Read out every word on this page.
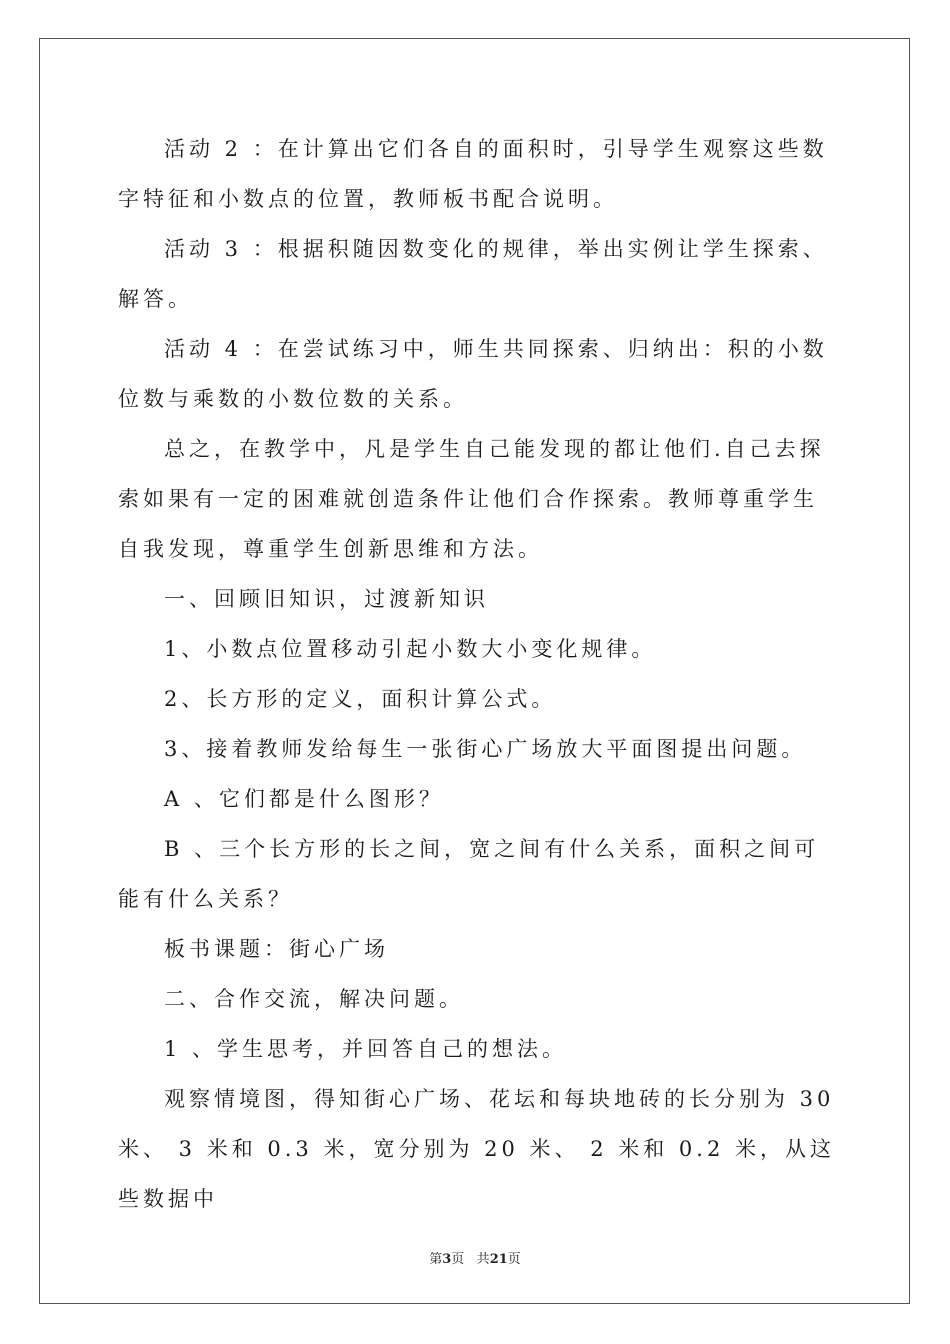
活动 2 ：在计算出它们各自的面积时，引导学生观察这些数字特征和小数点的位置，教师板书配合说明。

活动 3 ：根据积随因数变化的规律，举出实例让学生探索、解答。

活动 4 ：在尝试练习中，师生共同探索、归纳出：积的小数位数与乘数的小数位数的关系。

总之，在教学中，凡是学生自己能发现的都让他们.自己去探索如果有一定的困难就创造条件让他们合作探索。教师尊重学生自我发现，尊重学生创新思维和方法。

一、回顾旧知识，过渡新知识

1、小数点位置移动引起小数大小变化规律。

2、长方形的定义，面积计算公式。

3、接着教师发给每生一张街心广场放大平面图提出问题。

A 、它们都是什么图形？

B 、三个长方形的长之间，宽之间有什么关系，面积之间可能有什么关系？

板书课题：街心广场

二、合作交流，解决问题。

1 、学生思考，并回答自己的想法。

观察情境图，得知街心广场、花坛和每块地砖的长分别为 30 米、 3 米和 0.3 米，宽分别为 20 米、 2 米和 0.2 米，从这些数据中

第3页 共21页
